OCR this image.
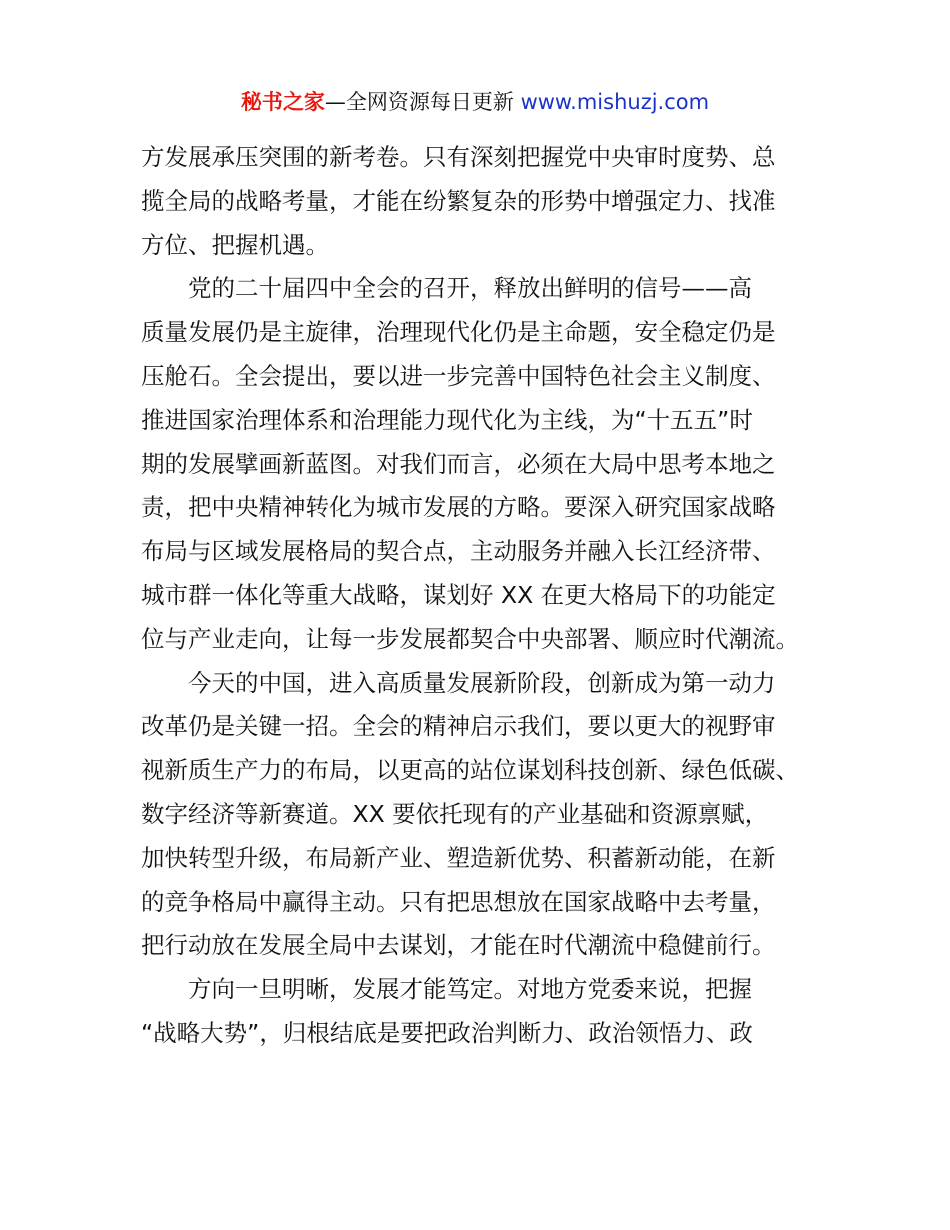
秘书之家—全网资源每日更新 www.mishuzj.com
方发展承压突围的新考卷。只有深刻把握党中央审时度势、总
揽全局的战略考量，才能在纷繁复杂的形势中增强定力、找准
方位、把握机遇。
党的二十届四中全会的召开，释放出鲜明的信号——高
质量发展仍是主旋律，治理现代化仍是主命题，安全稳定仍是
压舱石。全会提出，要以进一步完善中国特色社会主义制度、
推进国家治理体系和治理能力现代化为主线，为“十五五”时
期的发展擘画新蓝图。对我们而言，必须在大局中思考本地之
责，把中央精神转化为城市发展的方略。要深入研究国家战略
布局与区域发展格局的契合点，主动服务并融入长江经济带、
城市群一体化等重大战略，谋划好 XX 在更大格局下的功能定
位与产业走向，让每一步发展都契合中央部署、顺应时代潮流。
今天的中国，进入高质量发展新阶段，创新成为第一动力
改革仍是关键一招。全会的精神启示我们，要以更大的视野审
视新质生产力的布局，以更高的站位谋划科技创新、绿色低碳、
数字经济等新赛道。XX 要依托现有的产业基础和资源禀赋，
加快转型升级，布局新产业、塑造新优势、积蓄新动能，在新
的竞争格局中赢得主动。只有把思想放在国家战略中去考量，
把行动放在发展全局中去谋划，才能在时代潮流中稳健前行。
方向一旦明晰，发展才能笃定。对地方党委来说，把握
“战略大势”，归根结底是要把政治判断力、政治领悟力、政
